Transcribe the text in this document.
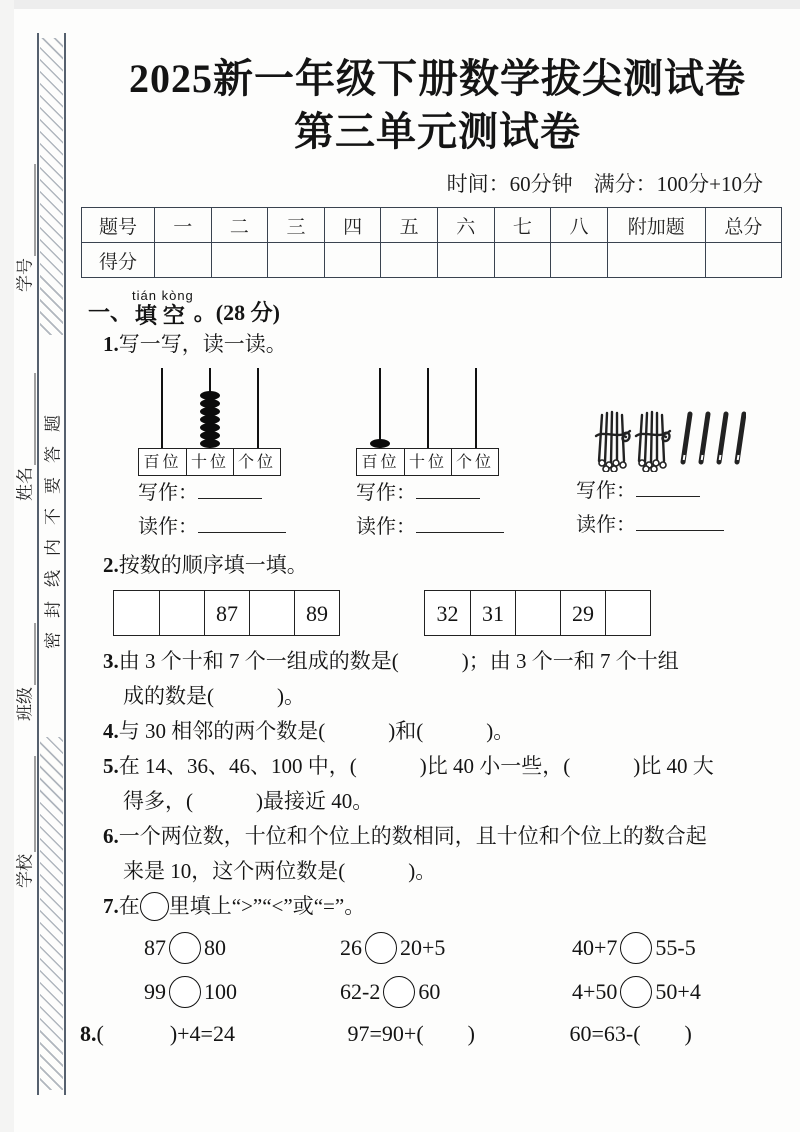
密封线内不要答题
学号
姓名
班级
学校
2025新一年级下册数学拔尖测试卷
第三单元测试卷
时间：60分钟　满分：100分+10分
题号	一	二	三	四	五	六	七	八	附加题	总分
得分										
一、
tián kòng
填空 。(28 分)
1.写一写，读一读。
百位 十位 个位
写作：
读作：
百位 十位 个位
写作：
读作：
写作：
读作：
2.按数的顺序填一填。
87	89	32	31	29
3.由 3 个十和 7 个一组成的数是(　　　)；由 3 个一和 7 个十组
成的数是(　　　)。
4.与 30 相邻的两个数是(　　　)和(　　　)。
5.在 14、36、46、100 中，(　　　)比 40 小一些，(　　　)比 40 大
得多，(　　　)最接近 40。
6.一个两位数，十位和个位上的数相同，且十位和个位上的数合起
来是 10，这个两位数是(　　　)。
7.在 里填上“>”“<”或“=”。
87 80	26 20+5	40+7 55-5
99 100	62-2 60	4+50 50+4
8. (　　　)+4=24	97=90+(　　)	60=63-(　　)
